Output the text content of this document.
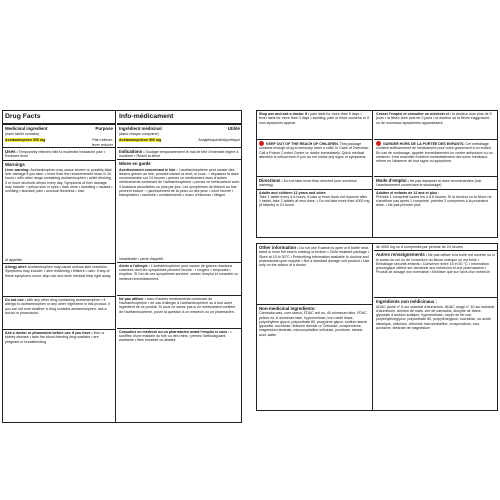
Drug Facts
Medicinal ingredient	Purpose
(each tablet contains)
Acetaminophen 500 mg	Pain reliever,
fever reducer
Uses • Temporarily relieves mild to moderate headache pain • Reduces fever
Warnings
Liver warning: Acetaminophen may cause severe or possibly fatal liver damage if you take: • more than the recommended dose in 24 hours • with other drugs containing acetaminophen • while drinking 3 or more alcoholic drinks every day. Symptoms of liver damage may include: • yellow skin or eyes • dark urine • sweating • nausea • vomiting • stomach pain • unusual tiredness • loss
of appetite.
Allergy alert: Acetaminophen may cause serious skin reactions. Symptoms may include: • skin reddening • blisters • rash. If any of these symptoms occur, stop use and seek medical help right away.
Do not use • with any other drug containing acetaminophen • if allergic to acetaminophen or any other ingredient in this product. If you are not sure whether a drug contains acetaminophen, ask a doctor or pharmacist.
Ask a doctor or pharmacist before use if you have • liver or kidney disease • take the blood thinning drug warfarin • are pregnant or breastfeeding
Info-médicament
Ingrédient médicinal	Utilité
(dans chaque comprimé)
Acétaminophène 500 mg	Analgésique/Antipyrétique
Indications • Soulage temporairement le mal de tête d'intensité légère à modérée • Réduit la fièvre
Mises en garde
Avertissement concernant le foie : L'acétaminophène peut causer des lésions graves au foie, pouvant causer la mort, si vous : • dépassez la dose recommandée sur 24 heures • prenez ce médicament avec d'autres médicaments contenant de l'acétaminophène • prenez ce médicament avec 3 boissons alcoolisées ou plus par jour. Les symptômes de lésions au foie peuvent inclure : • jaunissement de la peau ou des yeux • urine foncée • transpiration • nausées • vomissements • maux d'estomac • fatigue
inhabituelle • perte d'appétit
Alerte à l'allergie : L'acétaminophène peut causer de graves réactions cutanées dont les symptômes peuvent inclure : • rougeur • ampoules • éruption. Si l'un de ces symptômes survient, cesser l'emploi et consulter un médecin immédiatement.
Ne pas utiliser • avec d'autres médicaments contenant de l'acétaminophène • en cas d'allergie à l'acétaminophène ou à tout autre ingrédient de ce produit. Si vous ne savez pas si un médicament contient de l'acétaminophène, poser la question à un médecin ou un pharmacien.
Consultez un médecin ou un pharmacien avant l'emploi si vous : • souffrez d'une maladie du foie ou des reins • prenez l'anticoagulant warfarine • êtes enceinte ou allaitez
Stop use and ask a doctor if • pain lasts for more than 5 days • fever lasts for more than 3 days • swelling, pain or fever worsens or if new symptoms appear.
KEEP OUT OF THE REACH OF CHILDREN. This package contains enough drug to seriously harm a child. In Case of Overdose: Call a Poison Control Centre or doctor immediately. Quick medical attention is critical even if you do not notice any signs or symptoms.
Directions • Do not take more than directed (see overdose warning)
Adults and children 12 years and older:
Take 1 tablet every 4-6 hours. If pain or fever does not improve after 1 tablet, take 2 tablets at next dose. • Do not take more than 4000 mg (8 tablets) in 24 hours.
Cesser l'emploi et consulter un médecin si • la douleur dure plus de 5 jours • la fièvre dure plus de 3 jours • la douleur ou la fièvre s'aggravent, ou de nouveaux symptômes apparaissent.
GARDER HORS DE LA PORTÉE DES ENFANTS. Cet emballage contient suffisamment de médicament pour nuire gravement à un enfant. En cas de surdosage, appeler immédiatement un centre antipoison ou un médecin. Il est essentiel d'obtenir immédiatement des soins médicaux, même en l'absence de tout signe ou symptôme.
Mode d'emploi • Ne pas dépasser la dose recommandée (voir l'avertissement concernant le surdosage)
Adultes et enfants de 12 ans et plus :
Prendre 1 comprimé toutes les 4 à 6 heures. Si la douleur ou la fièvre ne s'améliore pas après 1 comprimé, prendre 2 comprimés à la prochaine dose. • Ne pas prendre plus
Other information • Do not use if carton is open or if bottle neck band or inner foil seal is missing or broken • Child resistant package • Store at 15 to 30°C • Prescribing information available to doctors and pharmacists upon request • Not a standard dosage unit product • Use only on the advice of a doctor
Non-medicinal ingredients:
Carnauba wax, corn starch, FD&C red no. 40 aluminum lake, FD&C yellow no. 6 aluminum lake, hypromellose, iron oxide black, polyethylene glycol, polysorbate 80, propylene glycol, sodium starch glycolate, sucralose, titanium dioxide or Cellulose, crospovidone, magnesium stearate, microcrystalline cellulose, povidone, stearic acid, water
de 4000 mg ou 8 comprimés par période de 24 heures
Autres renseignements • Ne pas utiliser si la boîte est ouverte ou si le sceau du col ou de l'ouverture du flacon manque ou est brisé • Emballage sécurité-enfants • Conserver entre 15 et 30 °C • Information posologique offerte sur demande aux médecins et aux pharmaciens • Produit de dosage non normalisé • N'utiliser que sur l'avis d'un médecin
Ingrédients non médicinaux :
AD&C jaune n° 6 sur substrat d'aluminium, AD&C rouge n° 40 sur substrat d'aluminium, amidon de maïs, cire de carnauba, dioxyde de titane, glycolate d'amidon sodique, hypromellose, oxyde de fer noir, polyéthylèneglycol, polysorbate 80, propylèneglycol, sucralose, ou acide stéarique, cellulose, cellulose microcristalline, crospovidone, eau, povidone, stéarate de magnésium
